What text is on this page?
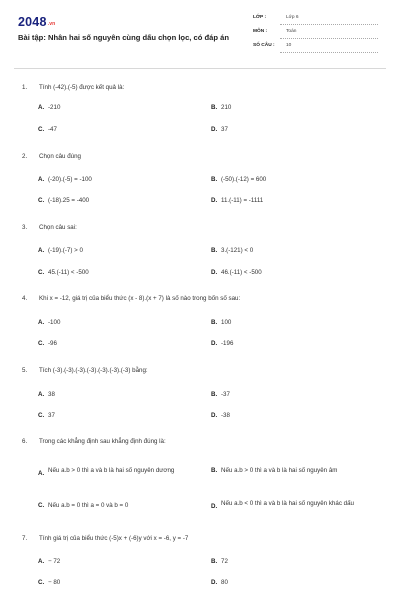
2048.vn
Bài tập: Nhân hai số nguyên cùng dấu chọn lọc, có đáp án
LỚP :	Lớp 6
MÔN :	Toán
SỐ CÂU : 10
1. Tính (-42).(-5) được kết quả là:
A. -210	B. 210
C. -47	D. 37
2. Chọn câu đúng
A. (-20).(-5) = -100	B. (-50).(-12) = 600
C. (-18).25 = -400	D. 11.(-11) = -1111
3. Chọn câu sai:
A. (-19).(-7) > 0	B. 3.(-121) < 0
C. 45.(-11) < -500	D. 46.(-11) < -500
4. Khi x = -12, giá trị của biểu thức (x - 8).(x + 7) là số nào trong bốn số sau:
A. -100	B. 100
C. -96	D. -196
5. Tích (-3).(-3).(-3).(-3).(-3).(-3).(-3) bằng:
A. 38	B. -37
C. 37	D. -38
6. Trong các khẳng định sau khẳng định đúng là:
A. Nếu a.b > 0 thì a và b là hai số nguyên dương	B. Nếu a.b > 0 thì a và b là hai số nguyên âm
C. Nếu a.b = 0 thì a = 0 và b = 0	D. Nếu a.b < 0 thì a và b là hai số nguyên khác dấu
7. Tính giá trị của biểu thức (-5)x + (-6)y với x = -6, y = -7
A. − 72	B. 72
C. − 80	D. 80
